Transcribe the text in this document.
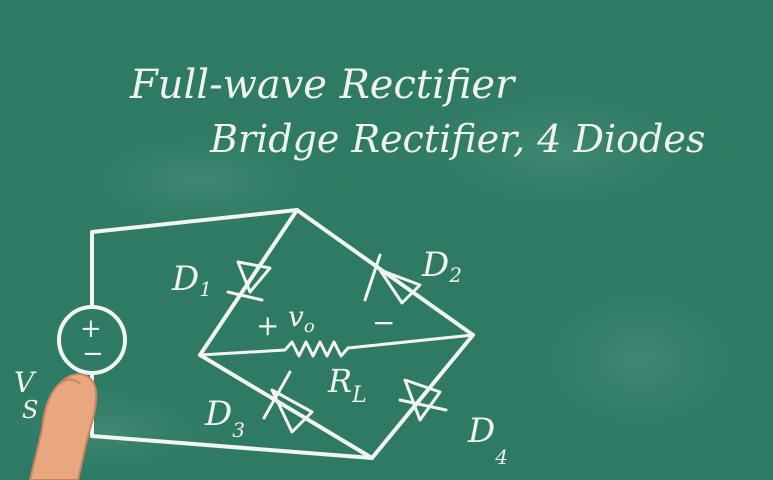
Full-wave Rectifier
Bridge Rectifier, 4 Diodes
+
−
V
S
D1
D2
$D_3$	$D_4$
+ $v_o$ −
$R_L$
